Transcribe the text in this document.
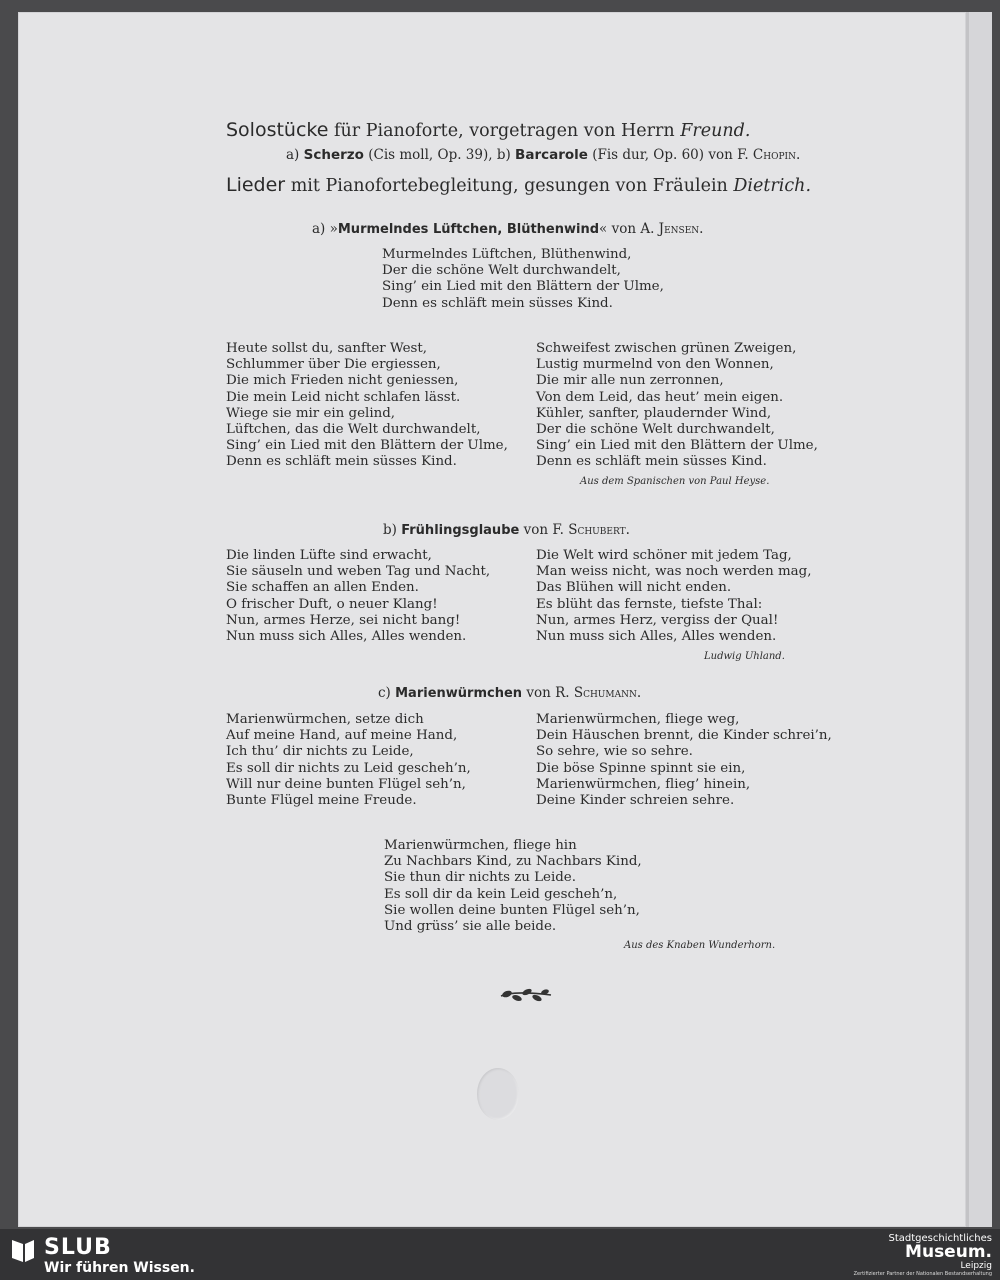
Solostücke für Pianoforte, vorgetragen von Herrn Freund.
a) Scherzo (Cis moll, Op. 39), b) Barcarole (Fis dur, Op. 60) von F. Chopin.
Lieder mit Pianofortebegleitung, gesungen von Fräulein Dietrich.
a) »Murmelndes Lüftchen, Blüthenwind« von A. Jensen.
Murmelndes Lüftchen, Blüthenwind,
Der die schöne Welt durchwandelt,
Sing’ ein Lied mit den Blättern der Ulme,
Denn es schläft mein süsses Kind.
Heute sollst du, sanfter West,
Schlummer über Die ergiessen,
Die mich Frieden nicht geniessen,
Die mein Leid nicht schlafen lässt.
Wiege sie mir ein gelind,
Lüftchen, das die Welt durchwandelt,
Sing’ ein Lied mit den Blättern der Ulme,
Denn es schläft mein süsses Kind.
Schweifest zwischen grünen Zweigen,
Lustig murmelnd von den Wonnen,
Die mir alle nun zerronnen,
Von dem Leid, das heut’ mein eigen.
Kühler, sanfter, plaudernder Wind,
Der die schöne Welt durchwandelt,
Sing’ ein Lied mit den Blättern der Ulme,
Denn es schläft mein süsses Kind.
Aus dem Spanischen von Paul Heyse.
b) Frühlingsglaube von F. Schubert.
Die linden Lüfte sind erwacht,
Sie säuseln und weben Tag und Nacht,
Sie schaffen an allen Enden.
O frischer Duft, o neuer Klang!
Nun, armes Herze, sei nicht bang!
Nun muss sich Alles, Alles wenden.
Die Welt wird schöner mit jedem Tag,
Man weiss nicht, was noch werden mag,
Das Blühen will nicht enden.
Es blüht das fernste, tiefste Thal:
Nun, armes Herz, vergiss der Qual!
Nun muss sich Alles, Alles wenden.
Ludwig Uhland.
c) Marienwürmchen von R. Schumann.
Marienwürmchen, setze dich
Auf meine Hand, auf meine Hand,
Ich thu’ dir nichts zu Leide,
Es soll dir nichts zu Leid gescheh’n,
Will nur deine bunten Flügel seh’n,
Bunte Flügel meine Freude.
Marienwürmchen, fliege weg,
Dein Häuschen brennt, die Kinder schrei’n,
So sehre, wie so sehre.
Die böse Spinne spinnt sie ein,
Marienwürmchen, flieg’ hinein,
Deine Kinder schreien sehre.
Marienwürmchen, fliege hin
Zu Nachbars Kind, zu Nachbars Kind,
Sie thun dir nichts zu Leide.
Es soll dir da kein Leid gescheh’n,
Sie wollen deine bunten Flügel seh’n,
Und grüss’ sie alle beide.
Aus des Knaben Wunderhorn.
SLUB
Wir führen Wissen.
Stadtgeschichtliches
Museum.
Leipzig
Zertifizierter Partner der Nationalen Bestandserhaltung
